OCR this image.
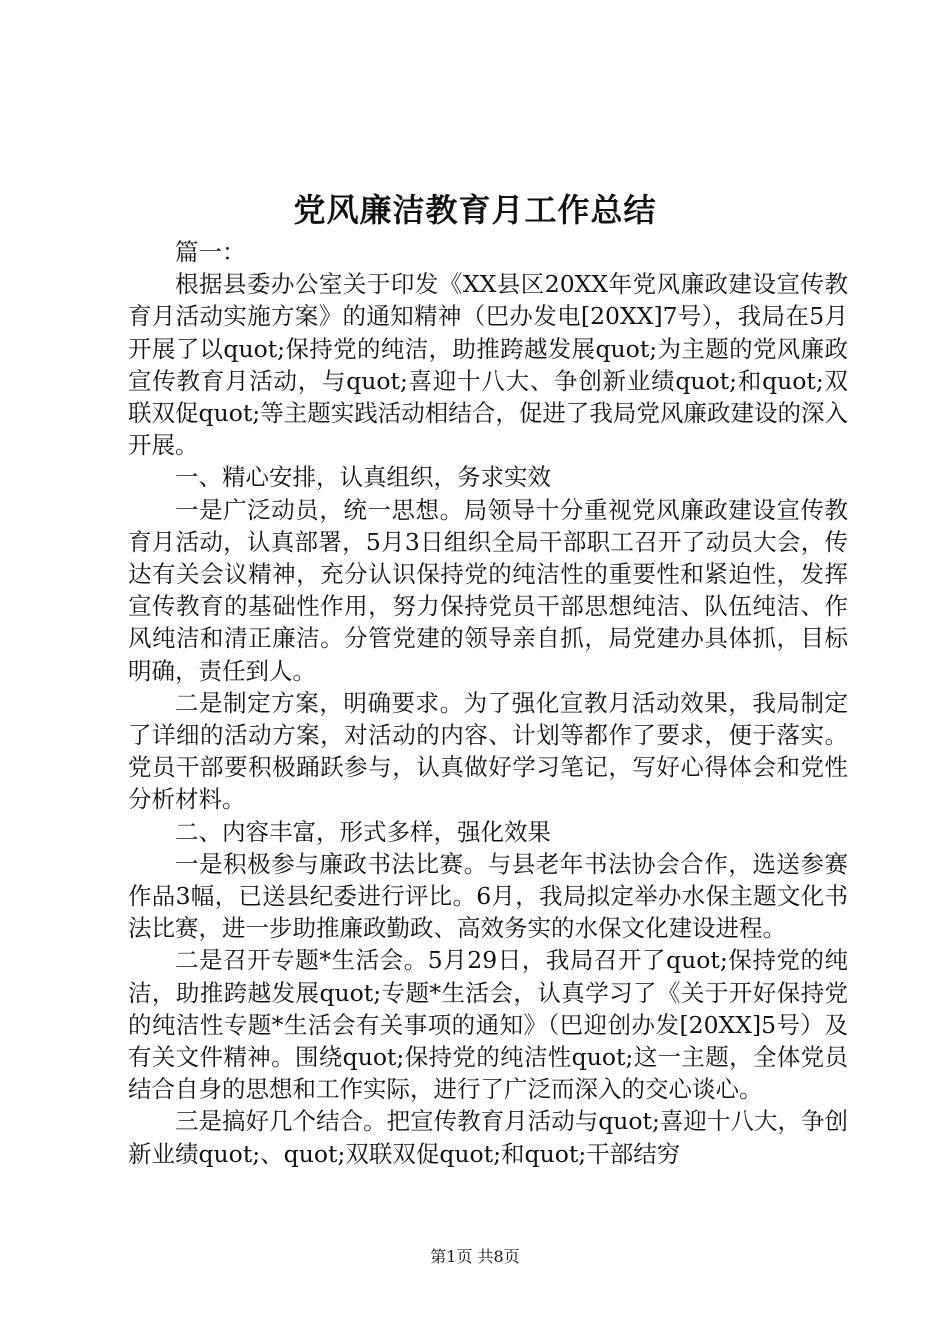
党风廉洁教育月工作总结

篇一：

根据县委办公室关于印发《XX县区20XX年党风廉政建设宣传教育月活动实施方案》的通知精神（巴办发电[20XX]7号），我局在5月开展了以quot;保持党的纯洁，助推跨越发展quot;为主题的党风廉政宣传教育月活动，与quot;喜迎十八大、争创新业绩quot;和quot;双联双促quot;等主题实践活动相结合，促进了我局党风廉政建设的深入开展。

一、精心安排，认真组织，务求实效

一是广泛动员，统一思想。局领导十分重视党风廉政建设宣传教育月活动，认真部署，5月3日组织全局干部职工召开了动员大会，传达有关会议精神，充分认识保持党的纯洁性的重要性和紧迫性，发挥宣传教育的基础性作用，努力保持党员干部思想纯洁、队伍纯洁、作风纯洁和清正廉洁。分管党建的领导亲自抓，局党建办具体抓，目标明确，责任到人。

二是制定方案，明确要求。为了强化宣教月活动效果，我局制定了详细的活动方案，对活动的内容、计划等都作了要求，便于落实。党员干部要积极踊跃参与，认真做好学习笔记，写好心得体会和党性分析材料。

二、内容丰富，形式多样，强化效果

一是积极参与廉政书法比赛。与县老年书法协会合作，选送参赛作品3幅，已送县纪委进行评比。6月，我局拟定举办水保主题文化书法比赛，进一步助推廉政勤政、高效务实的水保文化建设进程。

二是召开专题*生活会。5月29日，我局召开了quot;保持党的纯洁，助推跨越发展quot;专题*生活会，认真学习了《关于开好保持党的纯洁性专题*生活会有关事项的通知》（巴迎创办发[20XX]5号）及有关文件精神。围绕quot;保持党的纯洁性quot;这一主题，全体党员结合自身的思想和工作实际，进行了广泛而深入的交心谈心。

三是搞好几个结合。把宣传教育月活动与quot;喜迎十八大，争创新业绩quot;、quot;双联双促quot;和quot;干部结穷

第1页 共8页
